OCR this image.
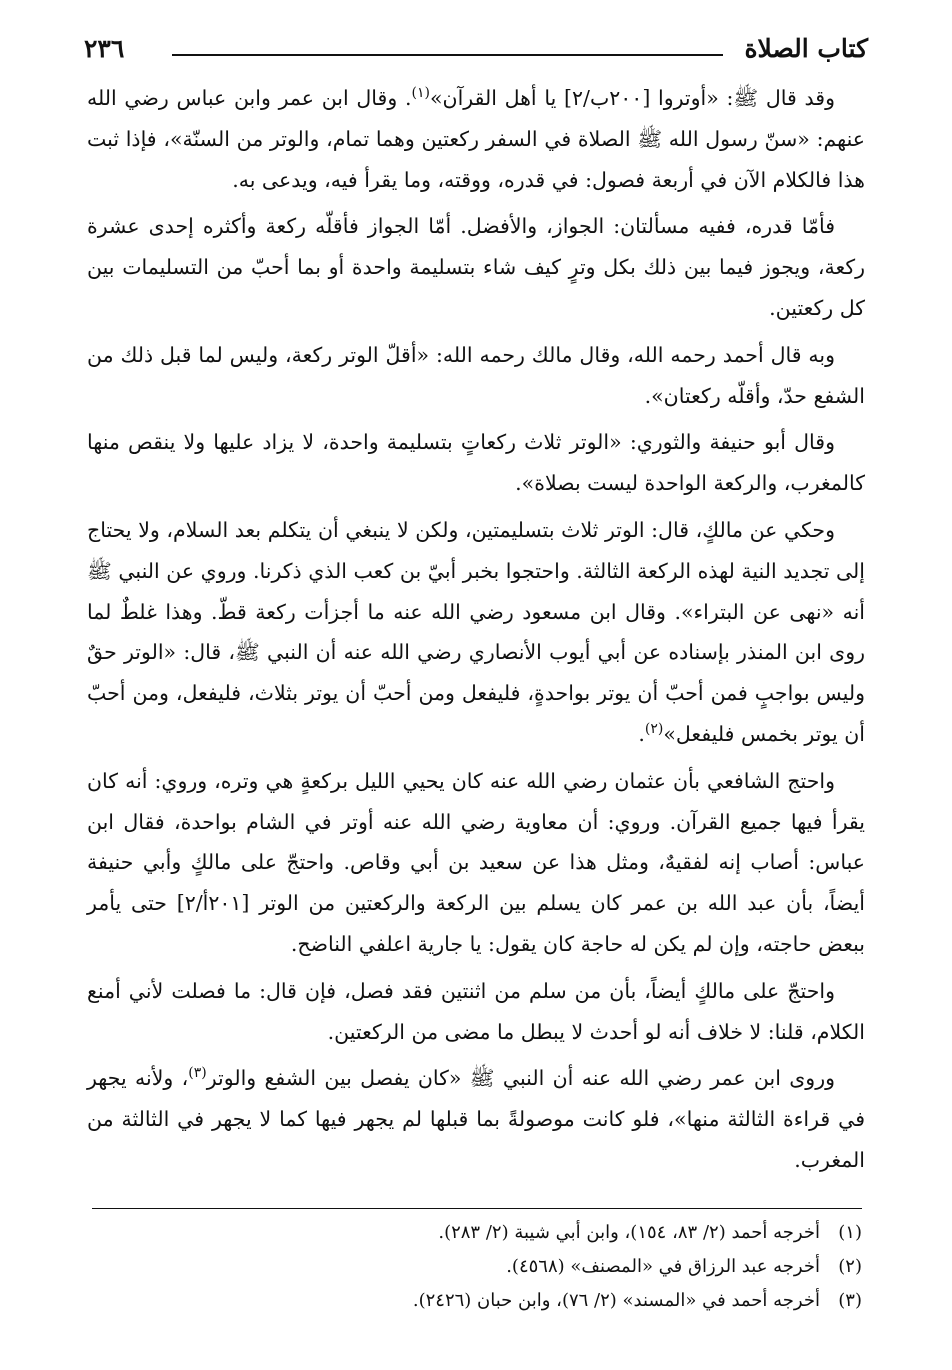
كتاب الصلاة
٢٣٦

وقد قال ﷺ: «أوتروا [٢٠٠ب/٢] يا أهل القرآن»$^{(١)}$. وقال ابن عمر وابن عباس رضي الله عنهم: «سنّ رسول الله ﷺ الصلاة في السفر ركعتين وهما تمام، والوتر من السنّة»، فإذا ثبت هذا فالكلام الآن في أربعة فصول: في قدره، ووقته، وما يقرأ فيه، ويدعى به.

فأمّا قدره، ففيه مسألتان: الجواز، والأفضل. أمّا الجواز فأقلّه ركعة وأكثره إحدى عشرة ركعة، ويجوز فيما بين ذلك بكل وترٍ كيف شاء بتسليمة واحدة أو بما أحبّ من التسليمات بين كل ركعتين.

وبه قال أحمد رحمه الله، وقال مالك رحمه الله: «أقلّ الوتر ركعة، وليس لما قبل ذلك من الشفع حدّ، وأقلّه ركعتان».

وقال أبو حنيفة والثوري: «الوتر ثلاث ركعاتٍ بتسليمة واحدة، لا يزاد عليها ولا ينقص منها كالمغرب، والركعة الواحدة ليست بصلاة».

وحكي عن مالكٍ، قال: الوتر ثلاث بتسليمتين، ولكن لا ينبغي أن يتكلم بعد السلام، ولا يحتاج إلى تجديد النية لهذه الركعة الثالثة. واحتجوا بخبر أبيّ بن كعب الذي ذكرنا. وروي عن النبي ﷺ أنه «نهى عن البتراء». وقال ابن مسعود رضي الله عنه ما أجزأت ركعة قطّ. وهذا غلطٌ لما روى ابن المنذر بإسناده عن أبي أيوب الأنصاري رضي الله عنه أن النبي ﷺ، قال: «الوتر حقٌ وليس بواجبٍ فمن أحبّ أن يوتر بواحدةٍ، فليفعل ومن أحبّ أن يوتر بثلاث، فليفعل، ومن أحبّ أن يوتر بخمس فليفعل»$^{(٢)}$.

واحتج الشافعي بأن عثمان رضي الله عنه كان يحيي الليل بركعةٍ هي وتره، وروي: أنه كان يقرأ فيها جميع القرآن. وروي: أن معاوية رضي الله عنه أوتر في الشام بواحدة، فقال ابن عباس: أصاب إنه لفقيهٌ، ومثل هذا عن سعيد بن أبي وقاص. واحتجّ على مالكٍ وأبي حنيفة أيضاً، بأن عبد الله بن عمر كان يسلم بين الركعة والركعتين من الوتر [٢٠١أ/٢] حتى يأمر ببعض حاجته، وإن لم يكن له حاجة كان يقول: يا جارية اعلفي الناضح.

واحتجّ على مالكٍ أيضاً، بأن من سلم من اثنتين فقد فصل، فإن قال: ما فصلت لأني أمنع الكلام، قلنا: لا خلاف أنه لو أحدث لا يبطل ما مضى من الركعتين.

وروى ابن عمر رضي الله عنه أن النبي ﷺ «كان يفصل بين الشفع والوتر$^{(٣)}$، ولأنه يجهر في قراءة الثالثة منها»، فلو كانت موصولةً بما قبلها لم يجهر فيها كما لا يجهر في الثالثة من المغرب.

(١)أخرجه أحمد (٢/ ٨٣، ١٥٤)، وابن أبي شيبة (٢/ ٢٨٣).
(٢)أخرجه عبد الرزاق في «المصنف» (٤٥٦٨).
(٣)أخرجه أحمد في «المسند» (٢/ ٧٦)، وابن حبان (٢٤٢٦).
